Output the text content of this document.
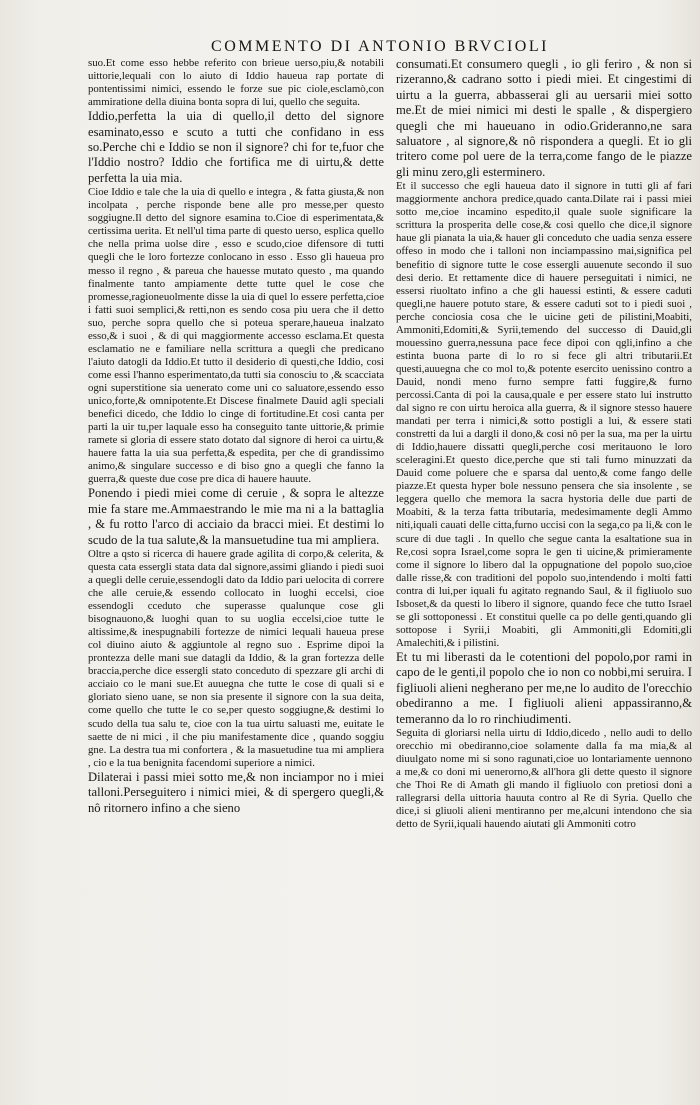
COMMENTO DI ANTONIO BRVCIOLI

suo.Et come esso hebbe referito con brieue uerso,piu,& notabili uittorie,lequali con lo aiuto di Iddio haueua rap portate di pontentissimi nimici, essendo le forze sue pic ciole,esclamò,con ammiratione della diuina bonta sopra di lui, quello che seguita.

Iddio,perfetta la uia di quello,il detto del signore esaminato,esso e scuto a tutti che confidano in ess so.Perche chi e Iddio se non il signore? chi for te,fuor che l'Iddio nostro? Iddio che fortifica me di uirtu,& dette perfetta la uia mia.

Cioe Iddio e tale che la uia di quello e integra , & fatta giusta,& non incolpata , perche risponde bene alle pro messe,per questo soggiugne.Il detto del signore esamina to.Cioe di esperimentata,& certissima uerita. Et nell'ul tima parte di questo uerso, esplica quello che nella prima uolse dire , esso e scudo,cioe difensore di tutti quegli che le loro fortezze conlocano in esso . Esso gli haueua pro messo il regno , & pareua che hauesse mutato questo , ma quando finalmente tanto ampiamente dette tutte quel le cose che promesse,ragioneuolmente disse la uia di quel lo essere perfetta,cioe i fatti suoi semplici,& retti,non es sendo cosa piu uera che il detto suo, perche sopra quello che si poteua sperare,haueua inalzato esso,& i suoi , & di qui maggiormente accesso esclama.Et questa esclamatio ne e familiare nella scrittura a quegli che predicano l'aiuto datogli da Iddio.Et tutto il desiderio di questi,che Iddio, cosi come essi l'hanno esperimentato,da tutti sia conosciu to ,& scacciata ogni superstitione sia uenerato come uni co saluatore,essendo esso unico,forte,& omnipotente.Et Discese finalmete Dauid agli speciali benefici dicedo, che Iddio lo cinge di fortitudine.Et cosi canta per parti la uir tu,per laquale esso ha conseguito tante uittorie,& primie ramete si gloria di essere stato dotato dal signore di heroi ca uirtu,& hauere fatta la uia sua perfetta,& espedita, per che di grandissimo animo,& singulare successo e di biso gno a quegli che fanno la guerra,& queste due cose pre dica di hauere hauute.

Ponendo i piedi miei come di ceruie , & sopra le altezze mie fa stare me.Ammaestrando le mie ma ni a la battaglia , & fu rotto l'arco di acciaio da bracci miei. Et destimi lo scudo de la tua salute,& la mansuetudine tua mi ampliera.

Oltre a qsto si ricerca di hauere grade agilita di corpo,& celerita, & questa cata essergli stata data dal signore,assimi gliando i piedi suoi a quegli delle ceruie,essendogli dato da Iddio pari uelocita di correre che alle ceruie,& essendo collocato in luoghi eccelsi, cioe essendogli cceduto che superasse qualunque cose gli bisognauono,& luoghi quan to su uoglia eccelsi,cioe tutte le altissime,& inespugnabili fortezze de nimici lequali haueua prese col diuino aiuto & aggiuntole al regno suo . Esprime dipoi la prontezza delle mani sue datagli da Iddio, & la gran fortezza delle braccia,perche dice essergli stato conceduto di spezzare gli archi di acciaio co le mani sue.Et auuegna che tutte le cose di quali si e gloriato sieno uane, se non sia presente il signore con la sua deita, come quello che tutte le co se,per questo soggiugne,& destimi lo scudo della tua salu te, cioe con la tua uirtu saluasti me, euitate le saette de ni mici , il che piu manifestamente dice , quando soggiu gne. La destra tua mi confortera , & la masuetudine tua mi ampliera , cio e la tua benignita facendomi superiore a nimici.

Dilaterai i passi miei sotto me,& non inciampor no i miei talloni.Perseguitero i nimici miei, & di spergero quegli,& nô ritornero infino a che sieno

consumati.Et consumero quegli , io gli feriro , & non si rizeranno,& cadrano sotto i piedi miei. Et cingestimi di uirtu a la guerra, abbasserai gli au uersarii miei sotto me.Et de miei nimici mi desti le spalle , & dispergiero quegli che mi haueuano in odio.Grideranno,ne sara saluatore , al signore,& nô rispondera a quegli. Et io gli tritero come pol uere de la terra,come fango de le piazze gli minu zero,gli esterminero.

Et il successo che egli haueua dato il signore in tutti gli af fari maggiormente anchora predice,quado canta.Dilate rai i passi miei sotto me,cioe incamino espedito,il quale suole significare la scrittura la prosperita delle cose,& cosi quello che dice,il signore haue gli pianata la uia,& hauer gli conceduto che uadia senza essere offeso in modo che i talloni non inciampassino mai,significa pel benefitio di signore tutte le cose essergli auuenute secondo il suo desi derio. Et rettamente dice di hauere perseguitati i nimici, ne essersi riuoltato infino a che gli hauessi estinti, & essere caduti quegli,ne hauere potuto stare, & essere caduti sot to i piedi suoi , perche conciosia cosa che le uicine geti de pilistini,Moabiti, Ammoniti,Edomiti,& Syrii,temendo del successo di Dauid,gli mouessino guerra,nessuna pace fece dipoi con qgli,infino a che estinta buona parte di lo ro si fece gli altri tributarii.Et questi,auuegna che co mol to,& potente esercito uenissino contro a Dauid, nondi meno furno sempre fatti fuggire,& furno percossi.Canta di poi la causa,quale e per essere stato lui instrutto dal signo re con uirtu heroica alla guerra, & il signore stesso hauere mandati per terra i nimici,& sotto postigli a lui, & essere stati constretti da lui a dargli il dono,& cosi nô per la sua, ma per la uirtu di Iddio,hauere dissatti quegli,perche cosi meritauono le loro sceleragini.Et questo dice,perche que sti tali furno minuzzati da Dauid come poluere che e sparsa dal uento,& come fango delle piazze.Et questa hyper bole nessuno pensera che sia insolente , se leggera quello che memora la sacra hystoria delle due parti de Moabiti, & la terza fatta tributaria, medesimamente degli Ammo niti,iquali cauati delle citta,furno uccisi con la sega,co pa li,& con le scure di due tagli . In quello che segue canta la esaltatione sua in Re,cosi sopra Israel,come sopra le gen ti uicine,& primieramente come il signore lo libero dal la oppugnatione del popolo suo,cioe dalle risse,& con traditioni del popolo suo,intendendo i molti fatti contra di lui,per iquali fu agitato regnando Saul, & il figliuolo suo Isboset,& da questi lo libero il signore, quando fece che tutto Israel se gli sottoponessi . Et constitui quelle ca po delle genti,quando gli sottopose i Syrii,i Moabiti, gli Ammoniti,gli Edomiti,gli Amalechiti,& i pilistini.

Et tu mi liberasti da le cotentioni del popolo,por rami in capo de le genti,il popolo che io non co nobbi,mi seruira. I figliuoli alieni negherano per me,ne lo audito de l'orecchio obediranno a me. I figliuoli alieni appassiranno,& temeranno da lo ro rinchiudimenti.

Seguita di gloriarsi nella uirtu di Iddio,dicedo , nello audi to dello orecchio mi obediranno,cioe solamente dalla fa ma mia,& al diuulgato nome mi si sono ragunati,cioe uo lontariamente uennono a me,& co doni mi uenerorno,& all'hora gli dette questo il signore che Thoi Re di Amath gli mando il figliuolo con pretiosi doni a rallegrarsi della uittoria hauuta contro al Re di Syria. Quello che dice,i si gliuoli alieni mentiranno per me,alcuni intendono che sia detto de Syrii,iquali hauendo aiutati gli Ammoniti cotro
